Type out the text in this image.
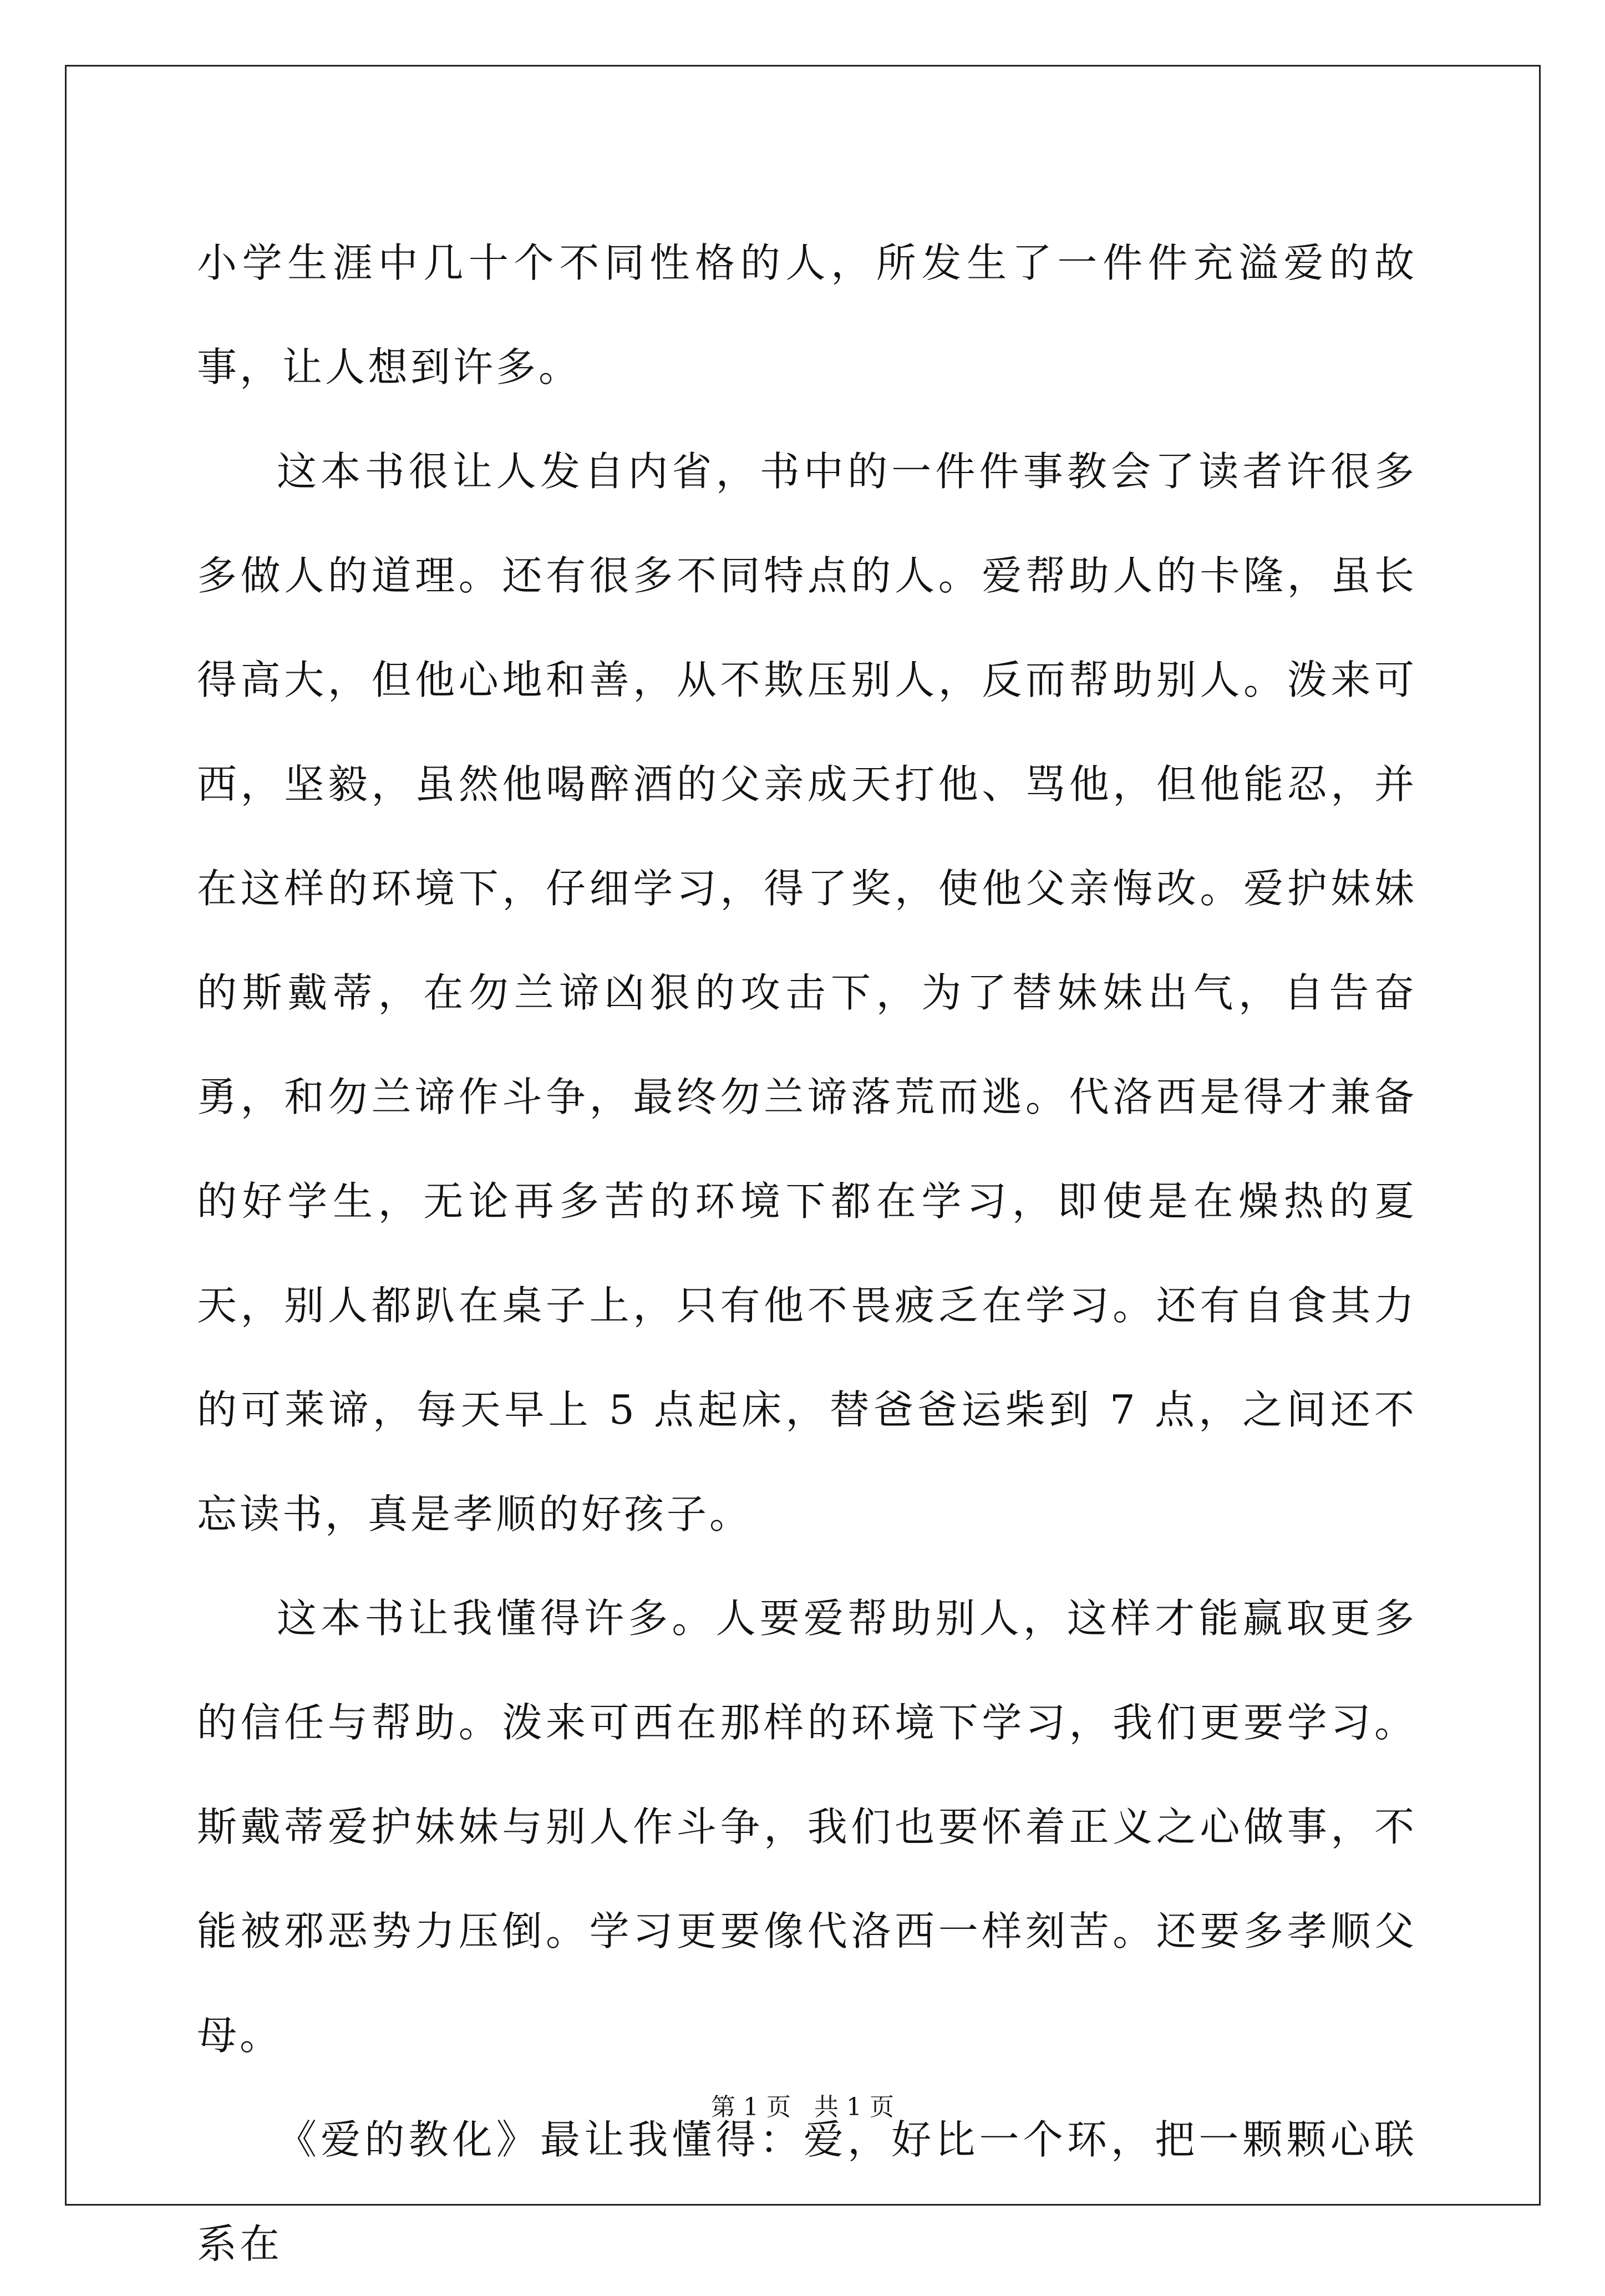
小学生涯中几十个不同性格的人，所发生了一件件充溢爱的故事，让人想到许多。

这本书很让人发自内省，书中的一件件事教会了读者许很多多做人的道理。还有很多不同特点的人。爱帮助人的卡隆，虽长得高大，但他心地和善，从不欺压别人，反而帮助别人。泼来可西，坚毅，虽然他喝醉酒的父亲成天打他、骂他，但他能忍，并在这样的环境下，仔细学习，得了奖，使他父亲悔改。爱护妹妹的斯戴蒂，在勿兰谛凶狠的攻击下，为了替妹妹出气，自告奋勇，和勿兰谛作斗争，最终勿兰谛落荒而逃。代洛西是得才兼备的好学生，无论再多苦的环境下都在学习，即使是在燥热的夏天，别人都趴在桌子上，只有他不畏疲乏在学习。还有自食其力的可莱谛，每天早上 5 点起床，替爸爸运柴到 7 点，之间还不忘读书，真是孝顺的好孩子。

这本书让我懂得许多。人要爱帮助别人，这样才能赢取更多的信任与帮助。泼来可西在那样的环境下学习，我们更要学习。斯戴蒂爱护妹妹与别人作斗争，我们也要怀着正义之心做事，不能被邪恶势力压倒。学习更要像代洛西一样刻苦。还要多孝顺父母。

《爱的教化》最让我懂得：爱，好比一个环，把一颗颗心联系在

第 1 页   共 1 页
